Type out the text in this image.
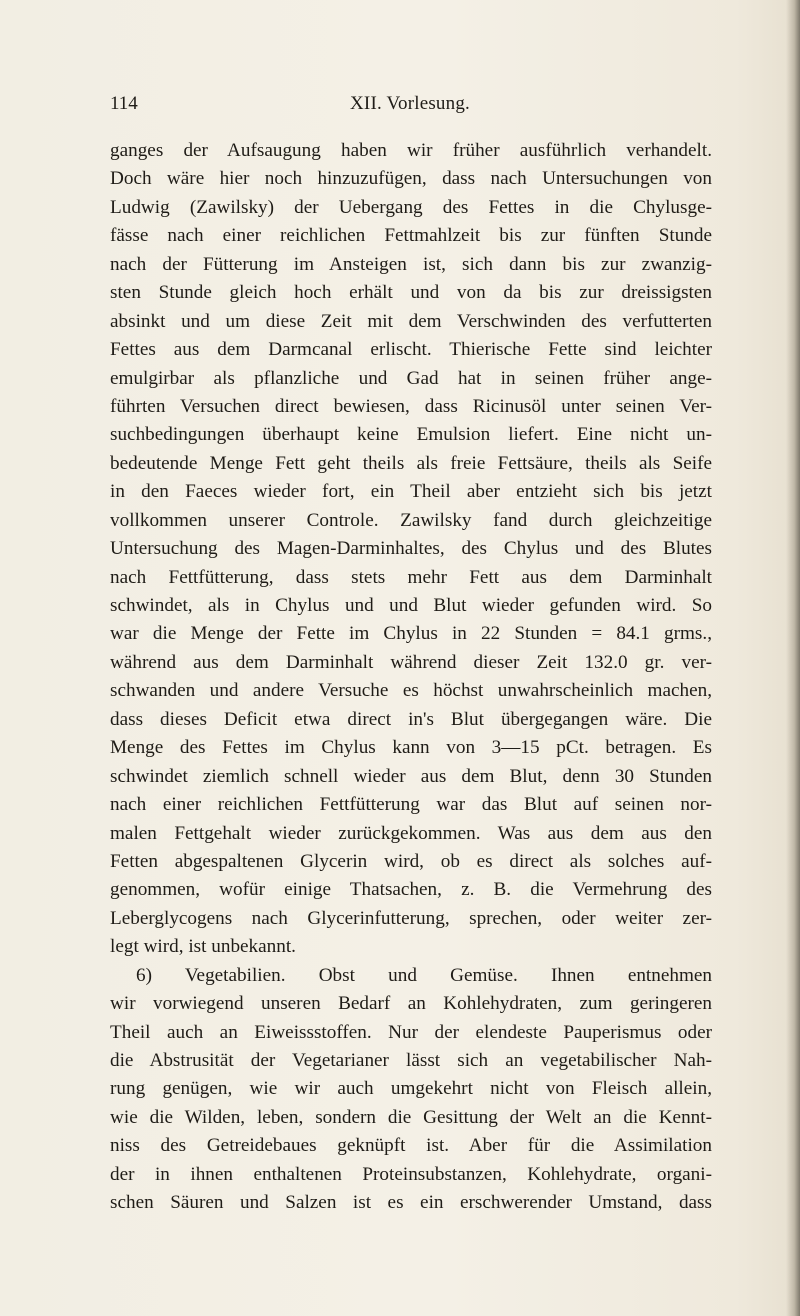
114	XII. Vorlesung.
ganges der Aufsaugung haben wir früher ausführlich verhandelt.
Doch wäre hier noch hinzuzufügen, dass nach Untersuchungen von
Ludwig (Zawilsky) der Uebergang des Fettes in die Chylusge-
fässe nach einer reichlichen Fettmahlzeit bis zur fünften Stunde
nach der Fütterung im Ansteigen ist, sich dann bis zur zwanzig-
sten Stunde gleich hoch erhält und von da bis zur dreissigsten
absinkt und um diese Zeit mit dem Verschwinden des verfutterten
Fettes aus dem Darmcanal erlischt. Thierische Fette sind leichter
emulgirbar als pflanzliche und Gad hat in seinen früher ange-
führten Versuchen direct bewiesen, dass Ricinusöl unter seinen Ver-
suchbedingungen überhaupt keine Emulsion liefert. Eine nicht un-
bedeutende Menge Fett geht theils als freie Fettsäure, theils als Seife
in den Faeces wieder fort, ein Theil aber entzieht sich bis jetzt
vollkommen unserer Controle. Zawilsky fand durch gleichzeitige
Untersuchung des Magen-Darminhaltes, des Chylus und des Blutes
nach Fettfütterung, dass stets mehr Fett aus dem Darminhalt
schwindet, als in Chylus und und Blut wieder gefunden wird. So
war die Menge der Fette im Chylus in 22 Stunden = 84.1 grms.,
während aus dem Darminhalt während dieser Zeit 132.0 gr. ver-
schwanden und andere Versuche es höchst unwahrscheinlich machen,
dass dieses Deficit etwa direct in's Blut übergegangen wäre. Die
Menge des Fettes im Chylus kann von 3—15 pCt. betragen. Es
schwindet ziemlich schnell wieder aus dem Blut, denn 30 Stunden
nach einer reichlichen Fettfütterung war das Blut auf seinen nor-
malen Fettgehalt wieder zurückgekommen. Was aus dem aus den
Fetten abgespaltenen Glycerin wird, ob es direct als solches auf-
genommen, wofür einige Thatsachen, z. B. die Vermehrung des
Leberglycogens nach Glycerinfutterung, sprechen, oder weiter zer-
legt wird, ist unbekannt.
6) Vegetabilien. Obst und Gemüse. Ihnen entnehmen
wir vorwiegend unseren Bedarf an Kohlehydraten, zum geringeren
Theil auch an Eiweissstoffen. Nur der elendeste Pauperismus oder
die Abstrusität der Vegetarianer lässt sich an vegetabilischer Nah-
rung genügen, wie wir auch umgekehrt nicht von Fleisch allein,
wie die Wilden, leben, sondern die Gesittung der Welt an die Kennt-
niss des Getreidebaues geknüpft ist. Aber für die Assimilation
der in ihnen enthaltenen Proteinsubstanzen, Kohlehydrate, organi-
schen Säuren und Salzen ist es ein erschwerender Umstand, dass
